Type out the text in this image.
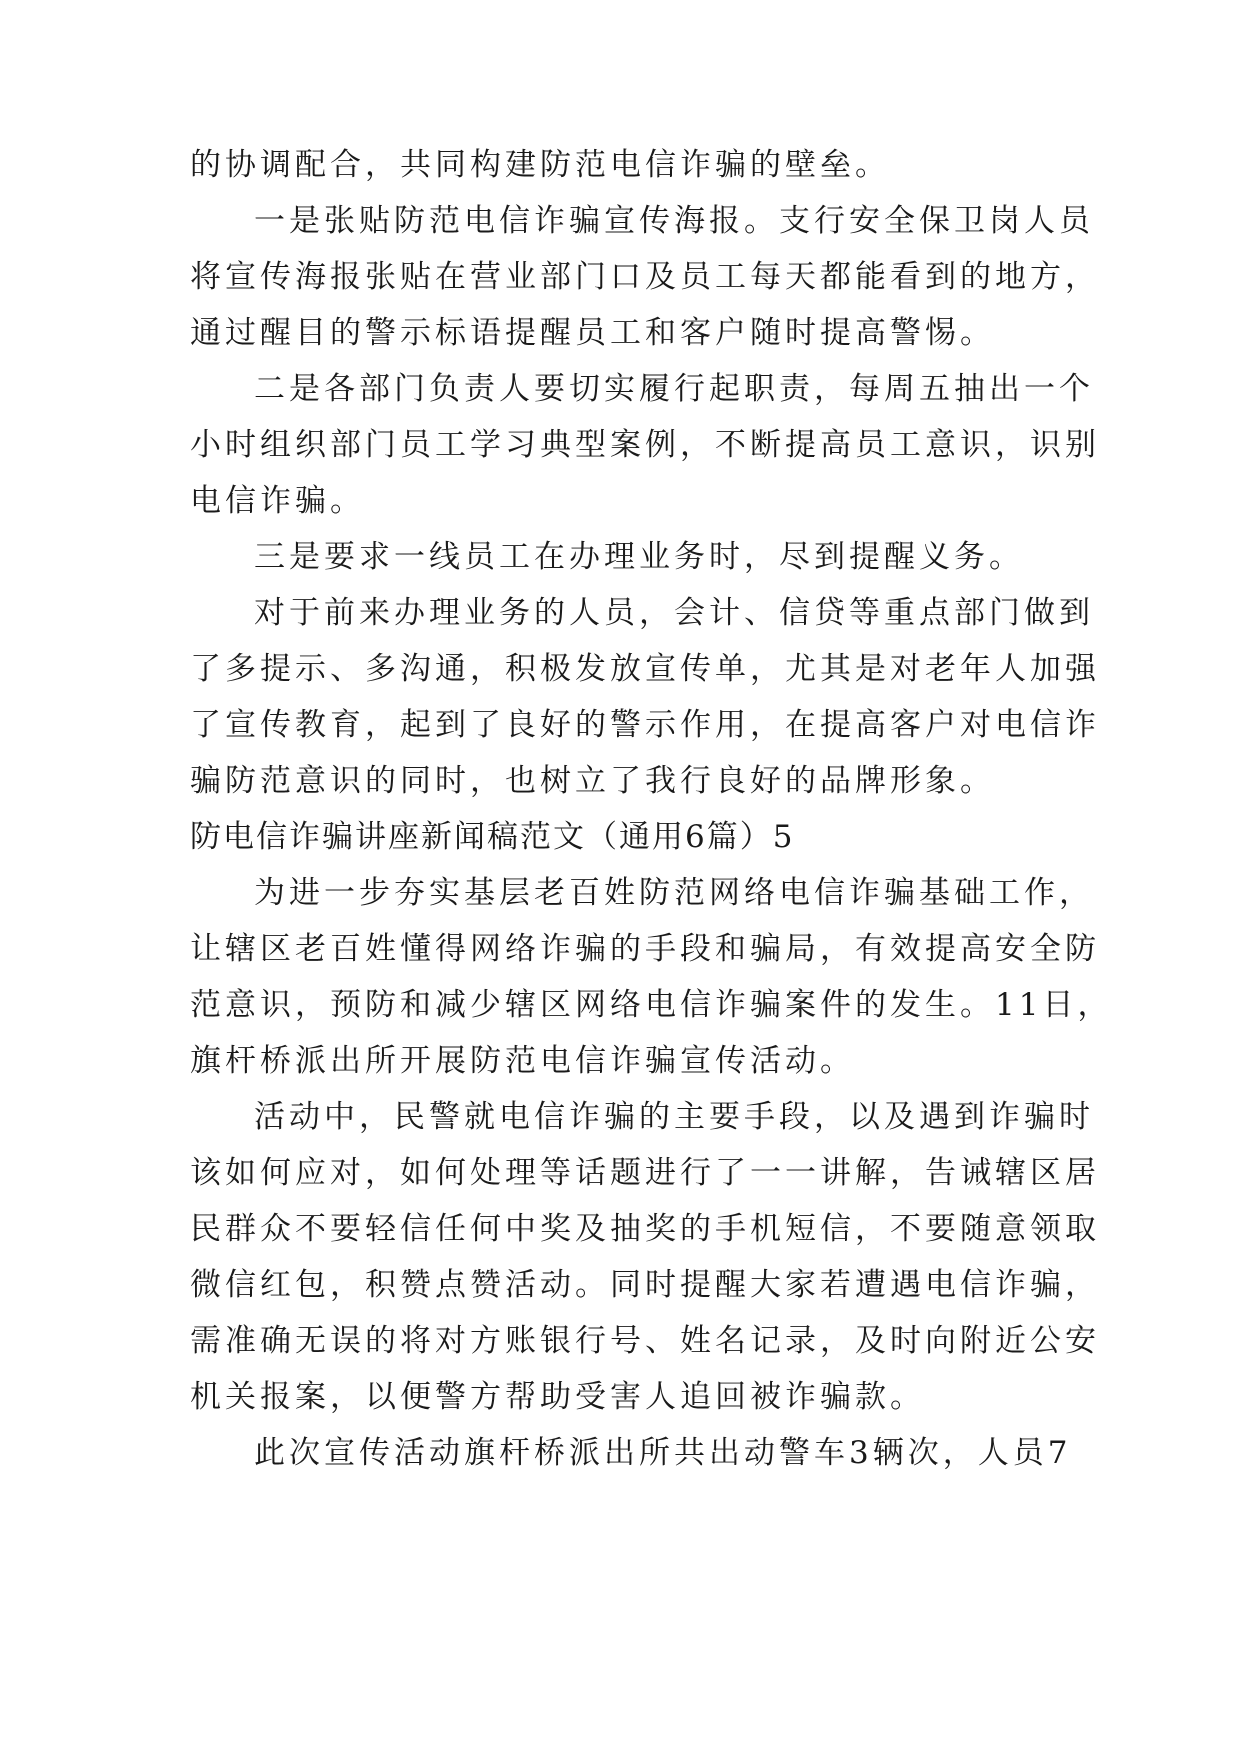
的协调配合，共同构建防范电信诈骗的壁垒。
一是张贴防范电信诈骗宣传海报。支行安全保卫岗人员
将宣传海报张贴在营业部门口及员工每天都能看到的地方，
通过醒目的警示标语提醒员工和客户随时提高警惕。
二是各部门负责人要切实履行起职责，每周五抽出一个
小时组织部门员工学习典型案例，不断提高员工意识，识别
电信诈骗。
三是要求一线员工在办理业务时，尽到提醒义务。
对于前来办理业务的人员，会计、信贷等重点部门做到
了多提示、多沟通，积极发放宣传单，尤其是对老年人加强
了宣传教育，起到了良好的警示作用，在提高客户对电信诈
骗防范意识的同时，也树立了我行良好的品牌形象。
防电信诈骗讲座新闻稿范文（通用6篇）5
为进一步夯实基层老百姓防范网络电信诈骗基础工作，
让辖区老百姓懂得网络诈骗的手段和骗局，有效提高安全防
范意识，预防和减少辖区网络电信诈骗案件的发生。11日，
旗杆桥派出所开展防范电信诈骗宣传活动。
活动中，民警就电信诈骗的主要手段，以及遇到诈骗时
该如何应对，如何处理等话题进行了一一讲解，告诫辖区居
民群众不要轻信任何中奖及抽奖的手机短信，不要随意领取
微信红包，积赞点赞活动。同时提醒大家若遭遇电信诈骗，
需准确无误的将对方账银行号、姓名记录，及时向附近公安
机关报案，以便警方帮助受害人追回被诈骗款。
此次宣传活动旗杆桥派出所共出动警车3辆次，人员7
